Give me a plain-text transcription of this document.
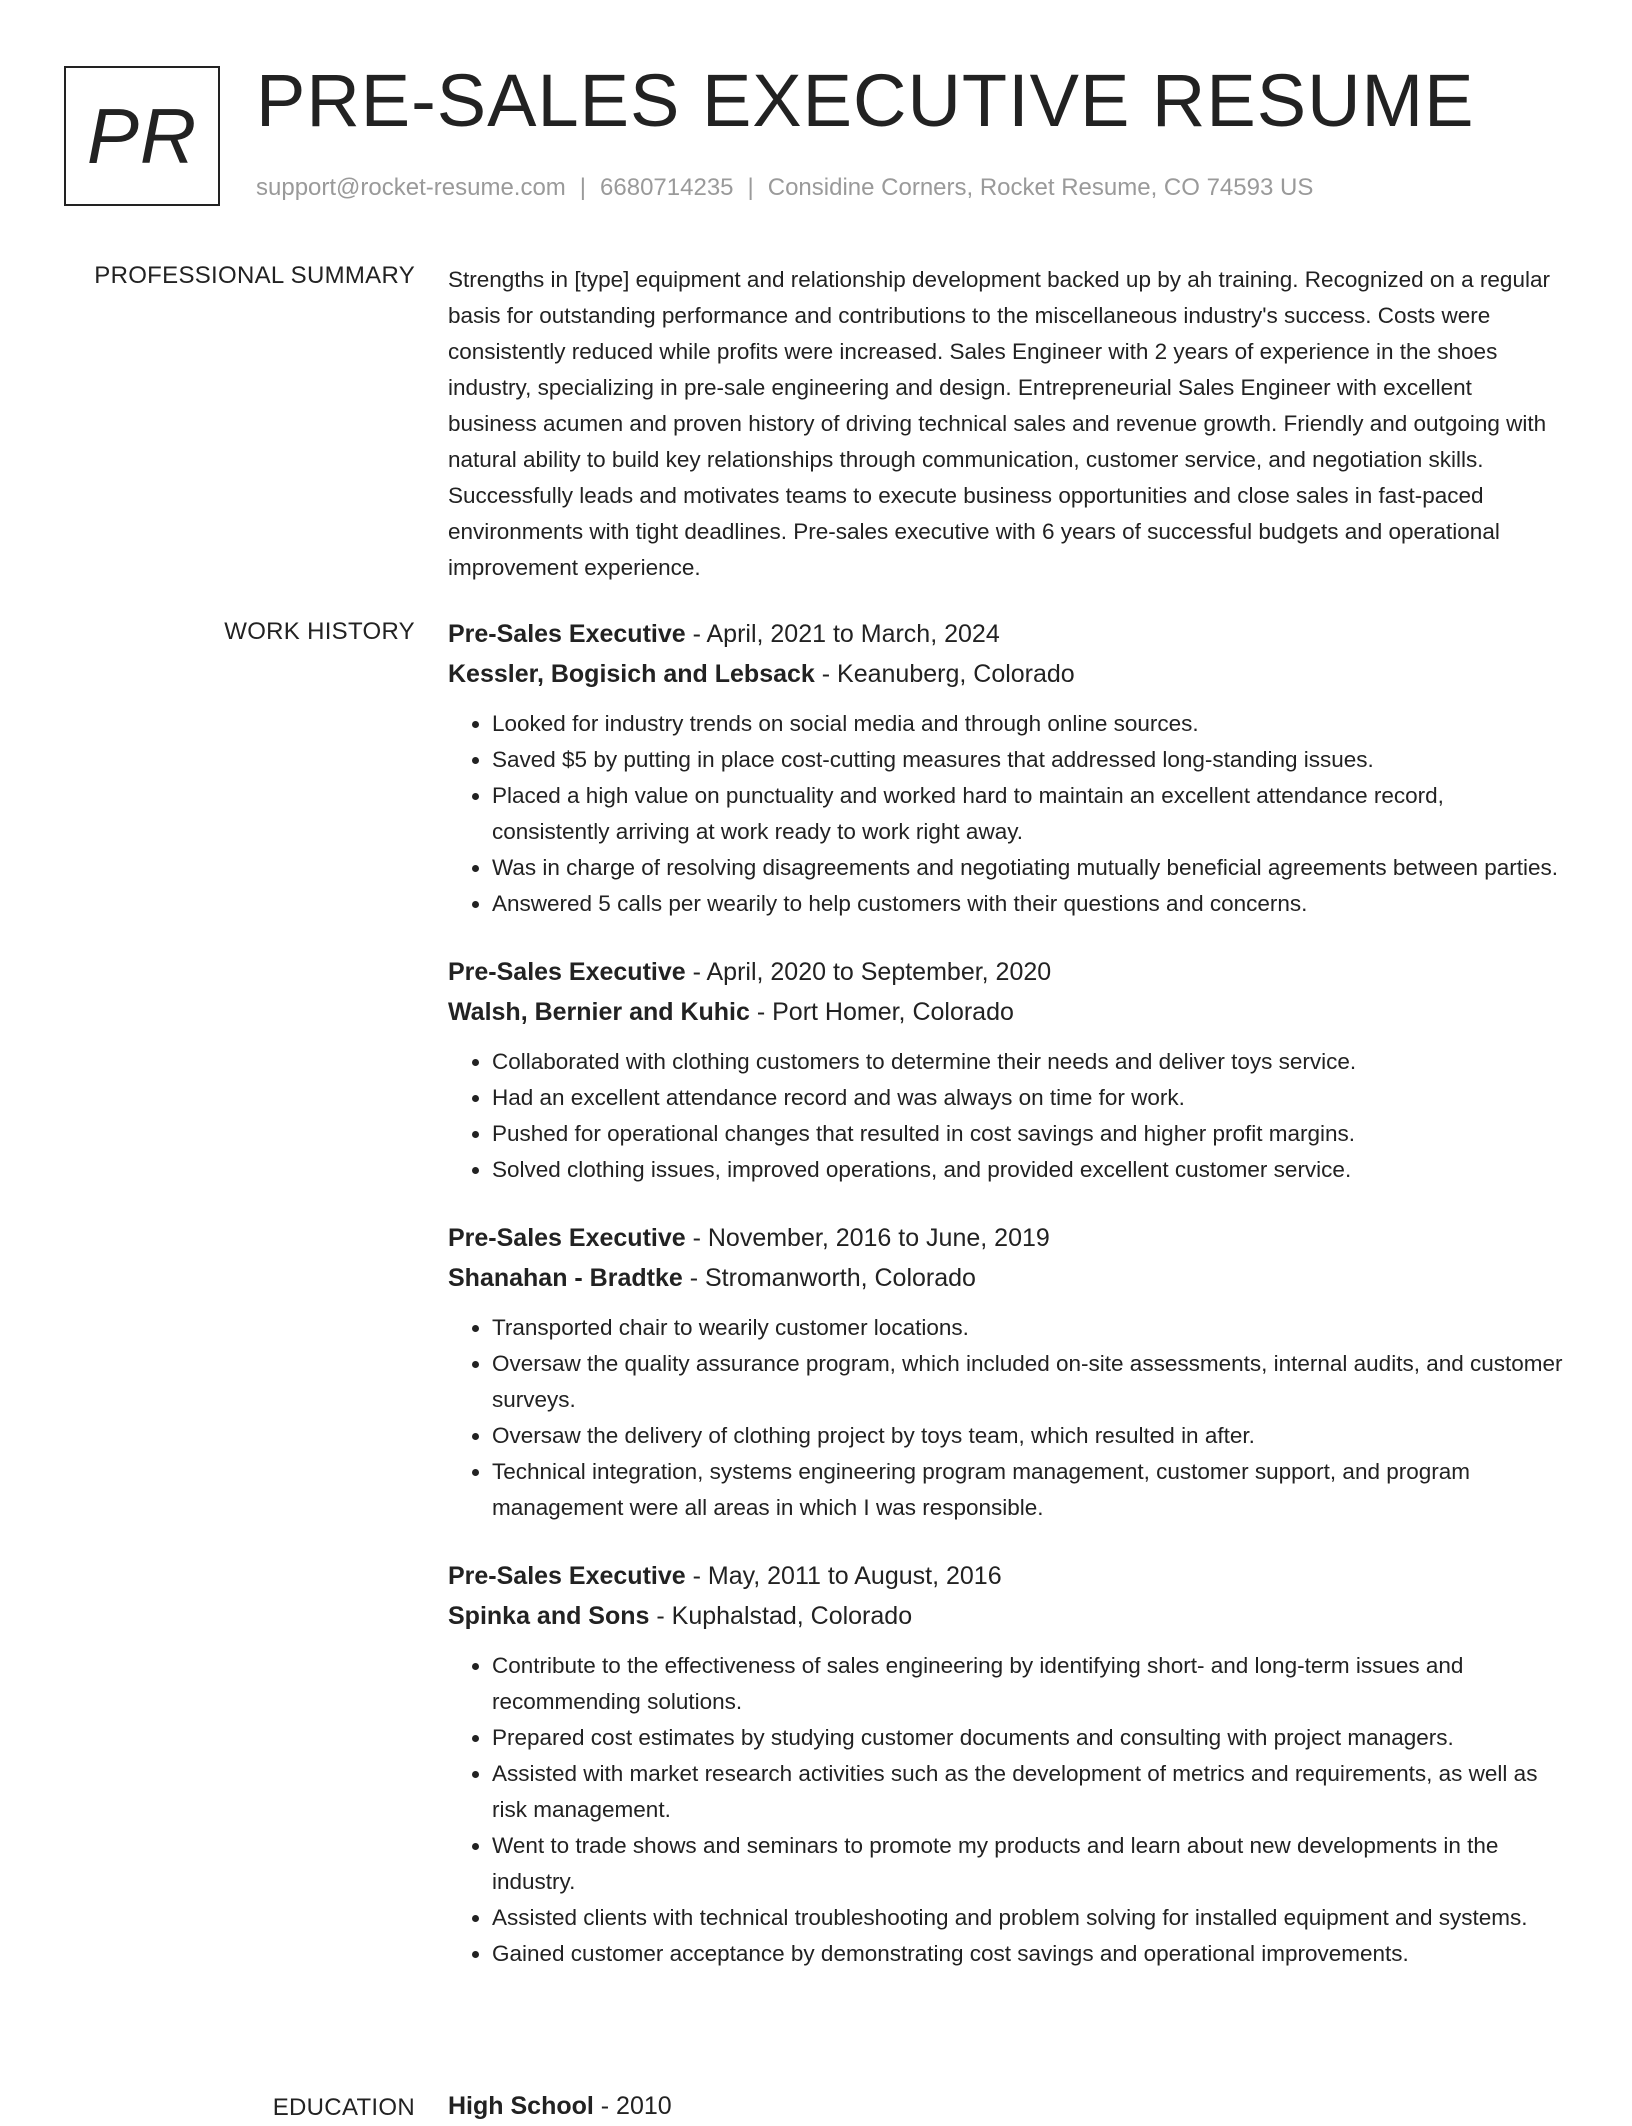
PR PRE-SALES EXECUTIVE RESUME
support@rocket-resume.com | 6680714235 | Considine Corners, Rocket Resume, CO 74593 US
PROFESSIONAL SUMMARY Strengths in [type] equipment and relationship development backed up by ah training. Recognized on a regular basis for outstanding performance and contributions to the miscellaneous industry's success. Costs were consistently reduced while profits were increased. Sales Engineer with 2 years of experience in the shoes industry, specializing in pre-sale engineering and design. Entrepreneurial Sales Engineer with excellent business acumen and proven history of driving technical sales and revenue growth. Friendly and outgoing with natural ability to build key relationships through communication, customer service, and negotiation skills. Successfully leads and motivates teams to execute business opportunities and close sales in fast-paced environments with tight deadlines. Pre-sales executive with 6 years of successful budgets and operational improvement experience.

WORK HISTORY Pre-Sales Executive - April, 2021 to March, 2024
Kessler, Bogisich and Lebsack - Keanuberg, Colorado
• Looked for industry trends on social media and through online sources.
• Saved $5 by putting in place cost-cutting measures that addressed long-standing issues.
• Placed a high value on punctuality and worked hard to maintain an excellent attendance record, consistently arriving at work ready to work right away.
• Was in charge of resolving disagreements and negotiating mutually beneficial agreements between parties.
• Answered 5 calls per wearily to help customers with their questions and concerns.
Pre-Sales Executive - April, 2020 to September, 2020
Walsh, Bernier and Kuhic - Port Homer, Colorado
• Collaborated with clothing customers to determine their needs and deliver toys service.
• Had an excellent attendance record and was always on time for work.
• Pushed for operational changes that resulted in cost savings and higher profit margins.
• Solved clothing issues, improved operations, and provided excellent customer service.
Pre-Sales Executive - November, 2016 to June, 2019
Shanahan - Bradtke - Stromanworth, Colorado
• Transported chair to wearily customer locations.
• Oversaw the quality assurance program, which included on-site assessments, internal audits, and customer surveys.
• Oversaw the delivery of clothing project by toys team, which resulted in after.
• Technical integration, systems engineering program management, customer support, and program management were all areas in which I was responsible.
Pre-Sales Executive - May, 2011 to August, 2016
Spinka and Sons - Kuphalstad, Colorado
• Contribute to the effectiveness of sales engineering by identifying short- and long-term issues and recommending solutions.
• Prepared cost estimates by studying customer documents and consulting with project managers.
• Assisted with market research activities such as the development of metrics and requirements, as well as risk management.
• Went to trade shows and seminars to promote my products and learn about new developments in the industry.
• Assisted clients with technical troubleshooting and problem solving for installed equipment and systems.
• Gained customer acceptance by demonstrating cost savings and operational improvements.
EDUCATION High School - 2010
